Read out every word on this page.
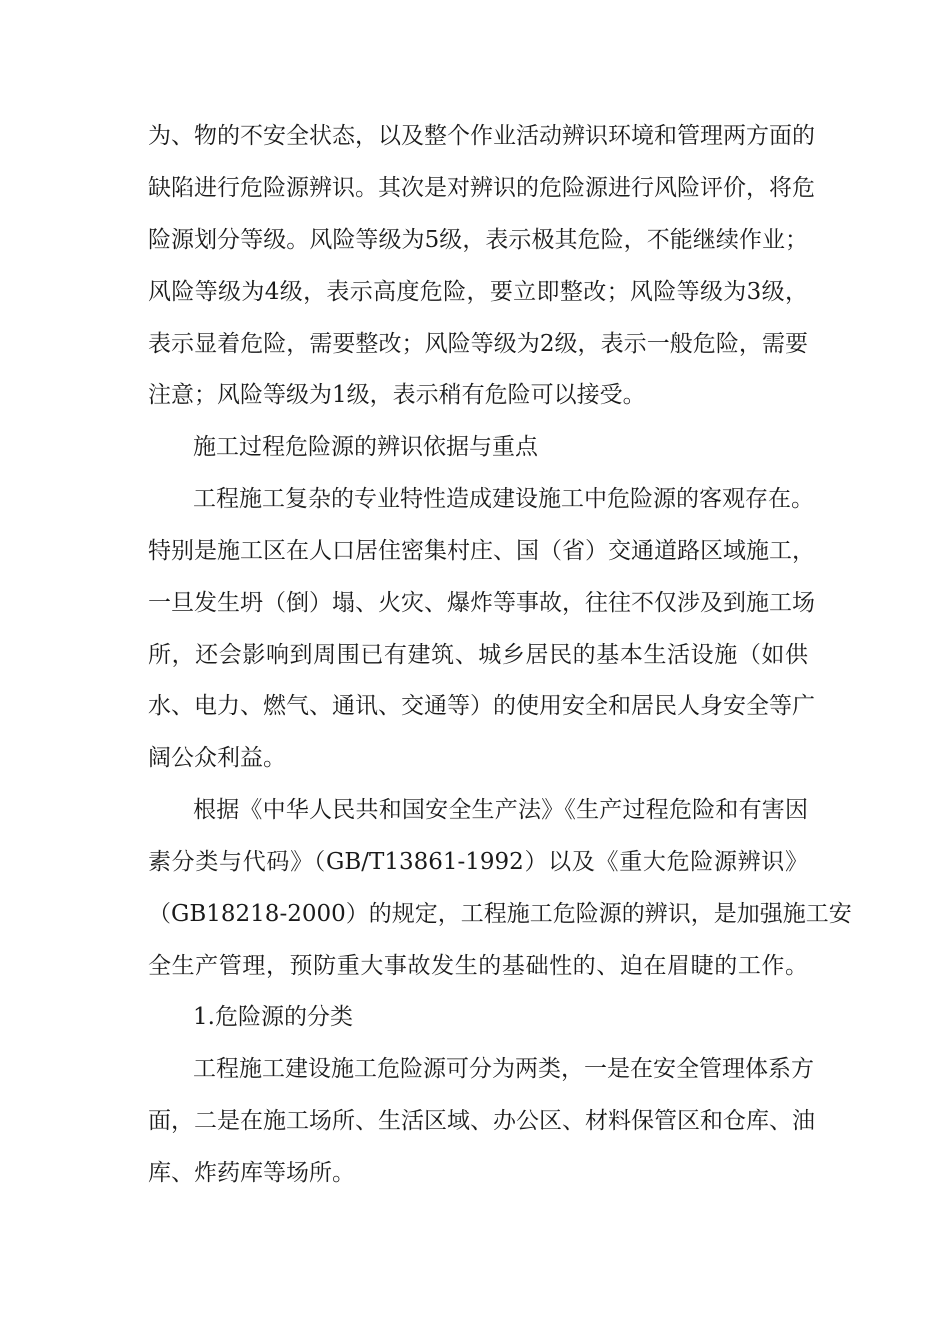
为、物的不安全状态，以及整个作业活动辨识环境和管理两方面的
缺陷进行危险源辨识。其次是对辨识的危险源进行风险评价，将危
险源划分等级。风险等级为5级，表示极其危险，不能继续作业；
风险等级为4级，表示高度危险，要立即整改；风险等级为3级，
表示显着危险，需要整改；风险等级为2级，表示一般危险，需要
注意；风险等级为1级，表示稍有危险可以接受。
施工过程危险源的辨识依据与重点
工程施工复杂的专业特性造成建设施工中危险源的客观存在。
特别是施工区在人口居住密集村庄、国（省）交通道路区域施工，
一旦发生坍（倒）塌、火灾、爆炸等事故，往往不仅涉及到施工场
所，还会影响到周围已有建筑、城乡居民的基本生活设施（如供
水、电力、燃气、通讯、交通等）的使用安全和居民人身安全等广
阔公众利益。
根据《中华人民共和国安全生产法》《生产过程危险和有害因
素分类与代码》（GB/T13861-1992）以及《重大危险源辨识》
（GB18218-2000）的规定，工程施工危险源的辨识，是加强施工安
全生产管理，预防重大事故发生的基础性的、迫在眉睫的工作。
1.危险源的分类
工程施工建设施工危险源可分为两类，一是在安全管理体系方
面，二是在施工场所、生活区域、办公区、材料保管区和仓库、油
库、炸药库等场所。
